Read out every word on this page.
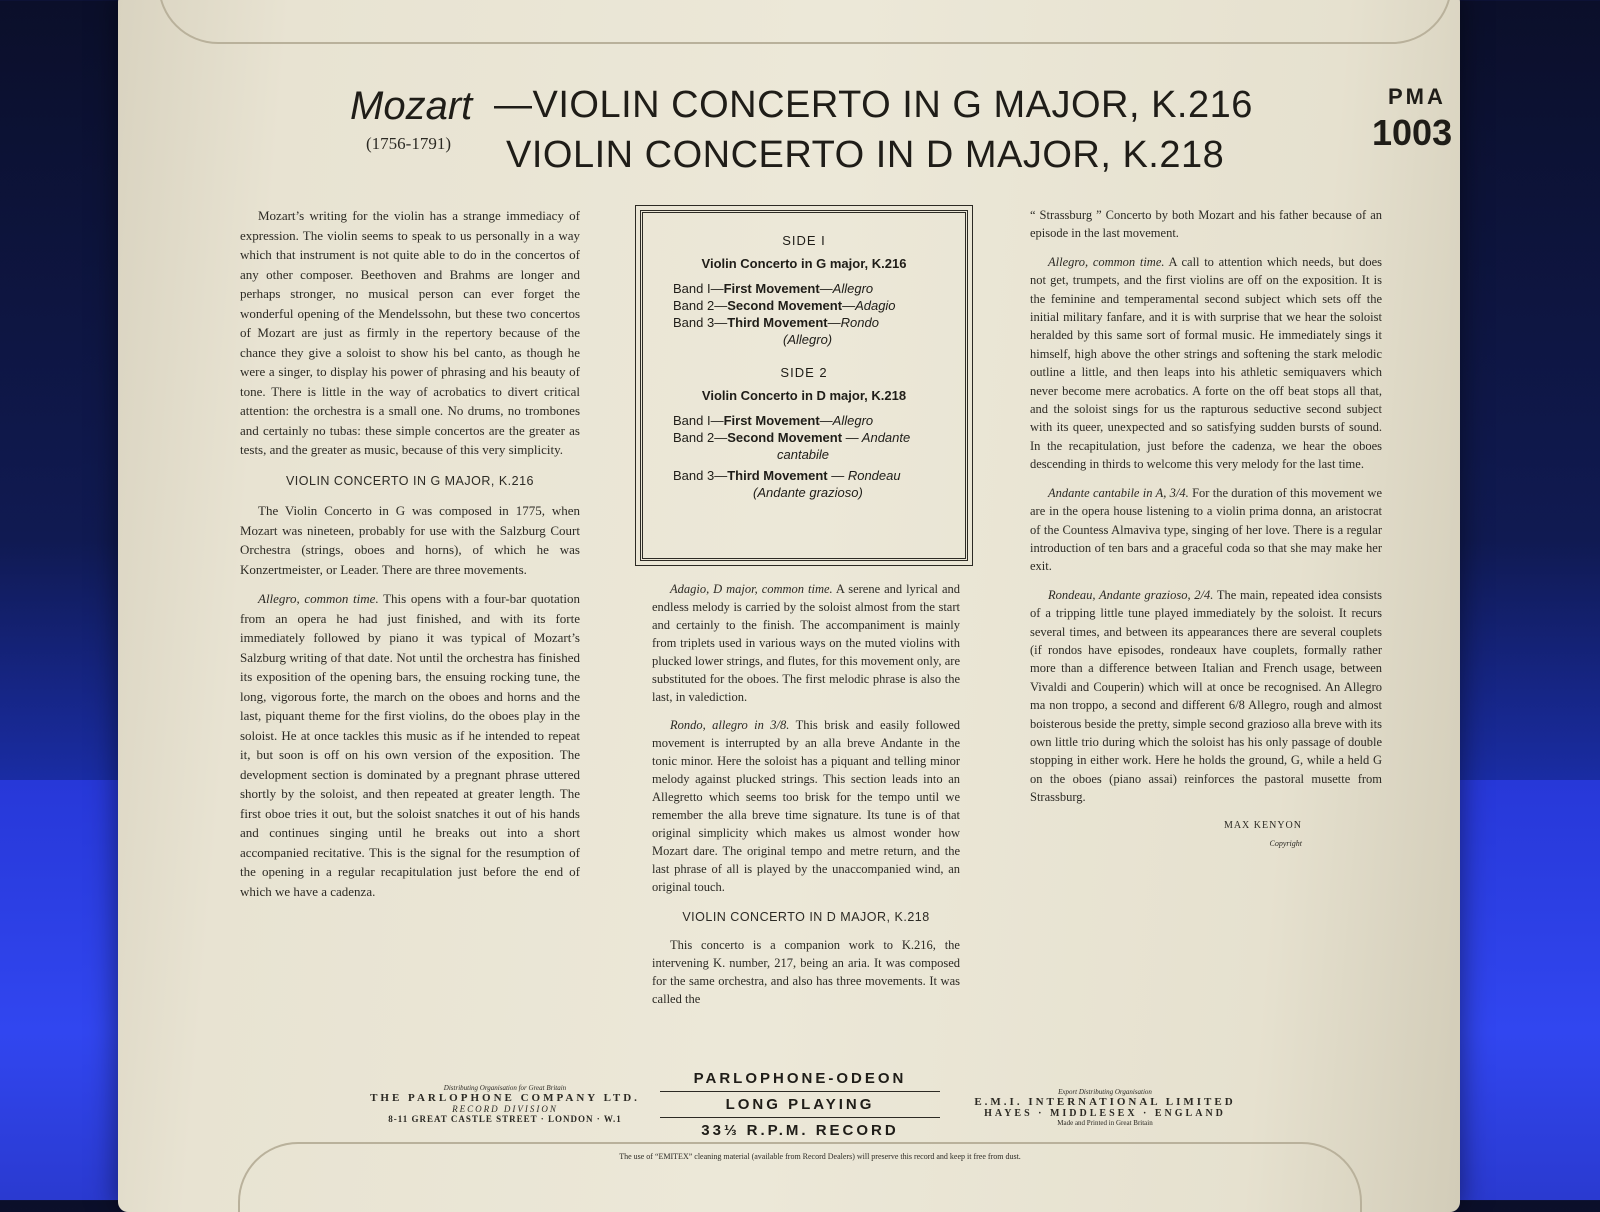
Mozart
(1756-1791)
—VIOLIN CONCERTO IN G MAJOR, K.216
VIOLIN CONCERTO IN D MAJOR, K.218
PMA
1003

Mozart’s writing for the violin has a strange immediacy of expression. The violin seems to speak to us personally in a way which that instrument is not quite able to do in the concertos of any other composer. Beethoven and Brahms are longer and perhaps stronger, no musical person can ever forget the wonderful opening of the Mendelssohn, but these two concertos of Mozart are just as firmly in the repertory because of the chance they give a soloist to show his bel canto, as though he were a singer, to display his power of phrasing and his beauty of tone. There is little in the way of acrobatics to divert critical attention: the orchestra is a small one. No drums, no trombones and certainly no tubas: these simple concertos are the greater as tests, and the greater as music, because of this very simplicity.

VIOLIN CONCERTO IN G MAJOR, K.216

The Violin Concerto in G was composed in 1775, when Mozart was nineteen, probably for use with the Salzburg Court Orchestra (strings, oboes and horns), of which he was Konzertmeister, or Leader. There are three movements.

Allegro, common time. This opens with a four-bar quotation from an opera he had just finished, and with its forte immediately followed by piano it was typical of Mozart’s Salzburg writing of that date. Not until the orchestra has finished its exposition of the opening bars, the ensuing rocking tune, the long, vigorous forte, the march on the oboes and horns and the last, piquant theme for the first violins, do the oboes play in the soloist. He at once tackles this music as if he intended to repeat it, but soon is off on his own version of the exposition. The development section is dominated by a pregnant phrase uttered shortly by the soloist, and then repeated at greater length. The first oboe tries it out, but the soloist snatches it out of his hands and continues singing until he breaks out into a short accompanied recitative. This is the signal for the resumption of the opening in a regular recapitulation just before the end of which we have a cadenza.

SIDE I
Violin Concerto in G major, K.216
Band I—First Movement—Allegro
Band 2—Second Movement—Adagio
Band 3—Third Movement—Rondo
(Allegro)
SIDE 2
Violin Concerto in D major, K.218
Band I—First Movement—Allegro
Band 2—Second Movement — Andante
cantabile
Band 3—Third Movement — Rondeau
(Andante grazioso)

Adagio, D major, common time. A serene and lyrical and endless melody is carried by the soloist almost from the start and certainly to the finish. The accompaniment is mainly from triplets used in various ways on the muted violins with plucked lower strings, and flutes, for this movement only, are substituted for the oboes. The first melodic phrase is also the last, in valediction.

Rondo, allegro in 3/8. This brisk and easily followed movement is interrupted by an alla breve Andante in the tonic minor. Here the soloist has a piquant and telling minor melody against plucked strings. This section leads into an Allegretto which seems too brisk for the tempo until we remember the alla breve time signature. Its tune is of that original simplicity which makes us almost wonder how Mozart dare. The original tempo and metre return, and the last phrase of all is played by the unaccompanied wind, an original touch.

VIOLIN CONCERTO IN D MAJOR, K.218

This concerto is a companion work to K.216, the intervening K. number, 217, being an aria. It was composed for the same orchestra, and also has three movements. It was called the

“ Strassburg ” Concerto by both Mozart and his father because of an episode in the last movement.

Allegro, common time. A call to attention which needs, but does not get, trumpets, and the first violins are off on the exposition. It is the feminine and temperamental second subject which sets off the initial military fanfare, and it is with surprise that we hear the soloist heralded by this same sort of formal music. He immediately sings it himself, high above the other strings and softening the stark melodic outline a little, and then leaps into his athletic semiquavers which never become mere acrobatics. A forte on the off beat stops all that, and the soloist sings for us the rapturous seductive second subject with its queer, unexpected and so satisfying sudden bursts of sound. In the recapitulation, just before the cadenza, we hear the oboes descending in thirds to welcome this very melody for the last time.

Andante cantabile in A, 3/4. For the duration of this movement we are in the opera house listening to a violin prima donna, an aristocrat of the Countess Almaviva type, singing of her love. There is a regular introduction of ten bars and a graceful coda so that she may make her exit.

Rondeau, Andante grazioso, 2/4. The main, repeated idea consists of a tripping little tune played immediately by the soloist. It recurs several times, and between its appearances there are several couplets (if rondos have episodes, rondeaux have couplets, formally rather more than a difference between Italian and French usage, between Vivaldi and Couperin) which will at once be recognised. An Allegro ma non troppo, a second and different 6/8 Allegro, rough and almost boisterous beside the pretty, simple second grazioso alla breve with its own little trio during which the soloist has his only passage of double stopping in either work. Here he holds the ground, G, while a held G on the oboes (piano assai) reinforces the pastoral musette from Strassburg.

MAX KENYON
Copyright
Distributing Organisation for Great Britain
THE PARLOPHONE COMPANY LTD.
RECORD DIVISION
8-11 GREAT CASTLE STREET · LONDON · W.1
PARLOPHONE-ODEON
LONG PLAYING
33⅓ R.P.M. RECORD
Export Distributing Organisation
E.M.I. INTERNATIONAL LIMITED
HAYES · MIDDLESEX · ENGLAND
Made and Printed in Great Britain
The use of “EMITEX” cleaning material (available from Record Dealers) will preserve this record and keep it free from dust.
